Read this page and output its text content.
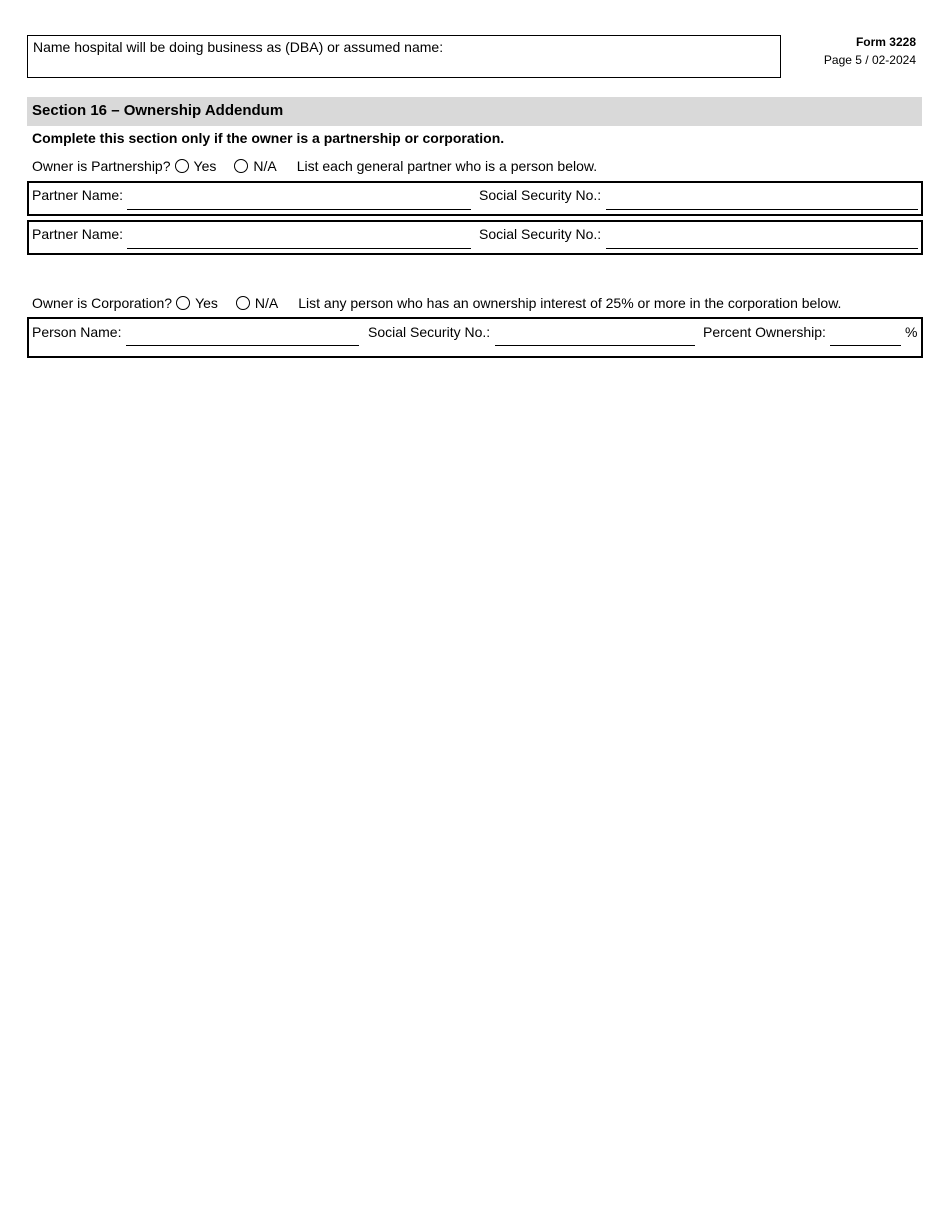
Name hospital will be doing business as (DBA) or assumed name:	Form 3228
Page 5 / 02-2024
Section 16 – Ownership Addendum
Complete this section only if the owner is a partnership or corporation.
Owner is Partnership? Yes	N/A List each general partner who is a person below.
Partner Name:	Social Security No.:
Partner Name:	Social Security No.:
Owner is Corporation? Yes	N/A List any person who has an ownership interest of 25% or more in the corporation below.
Person Name:	Social Security No.:	Percent Ownership:	%
